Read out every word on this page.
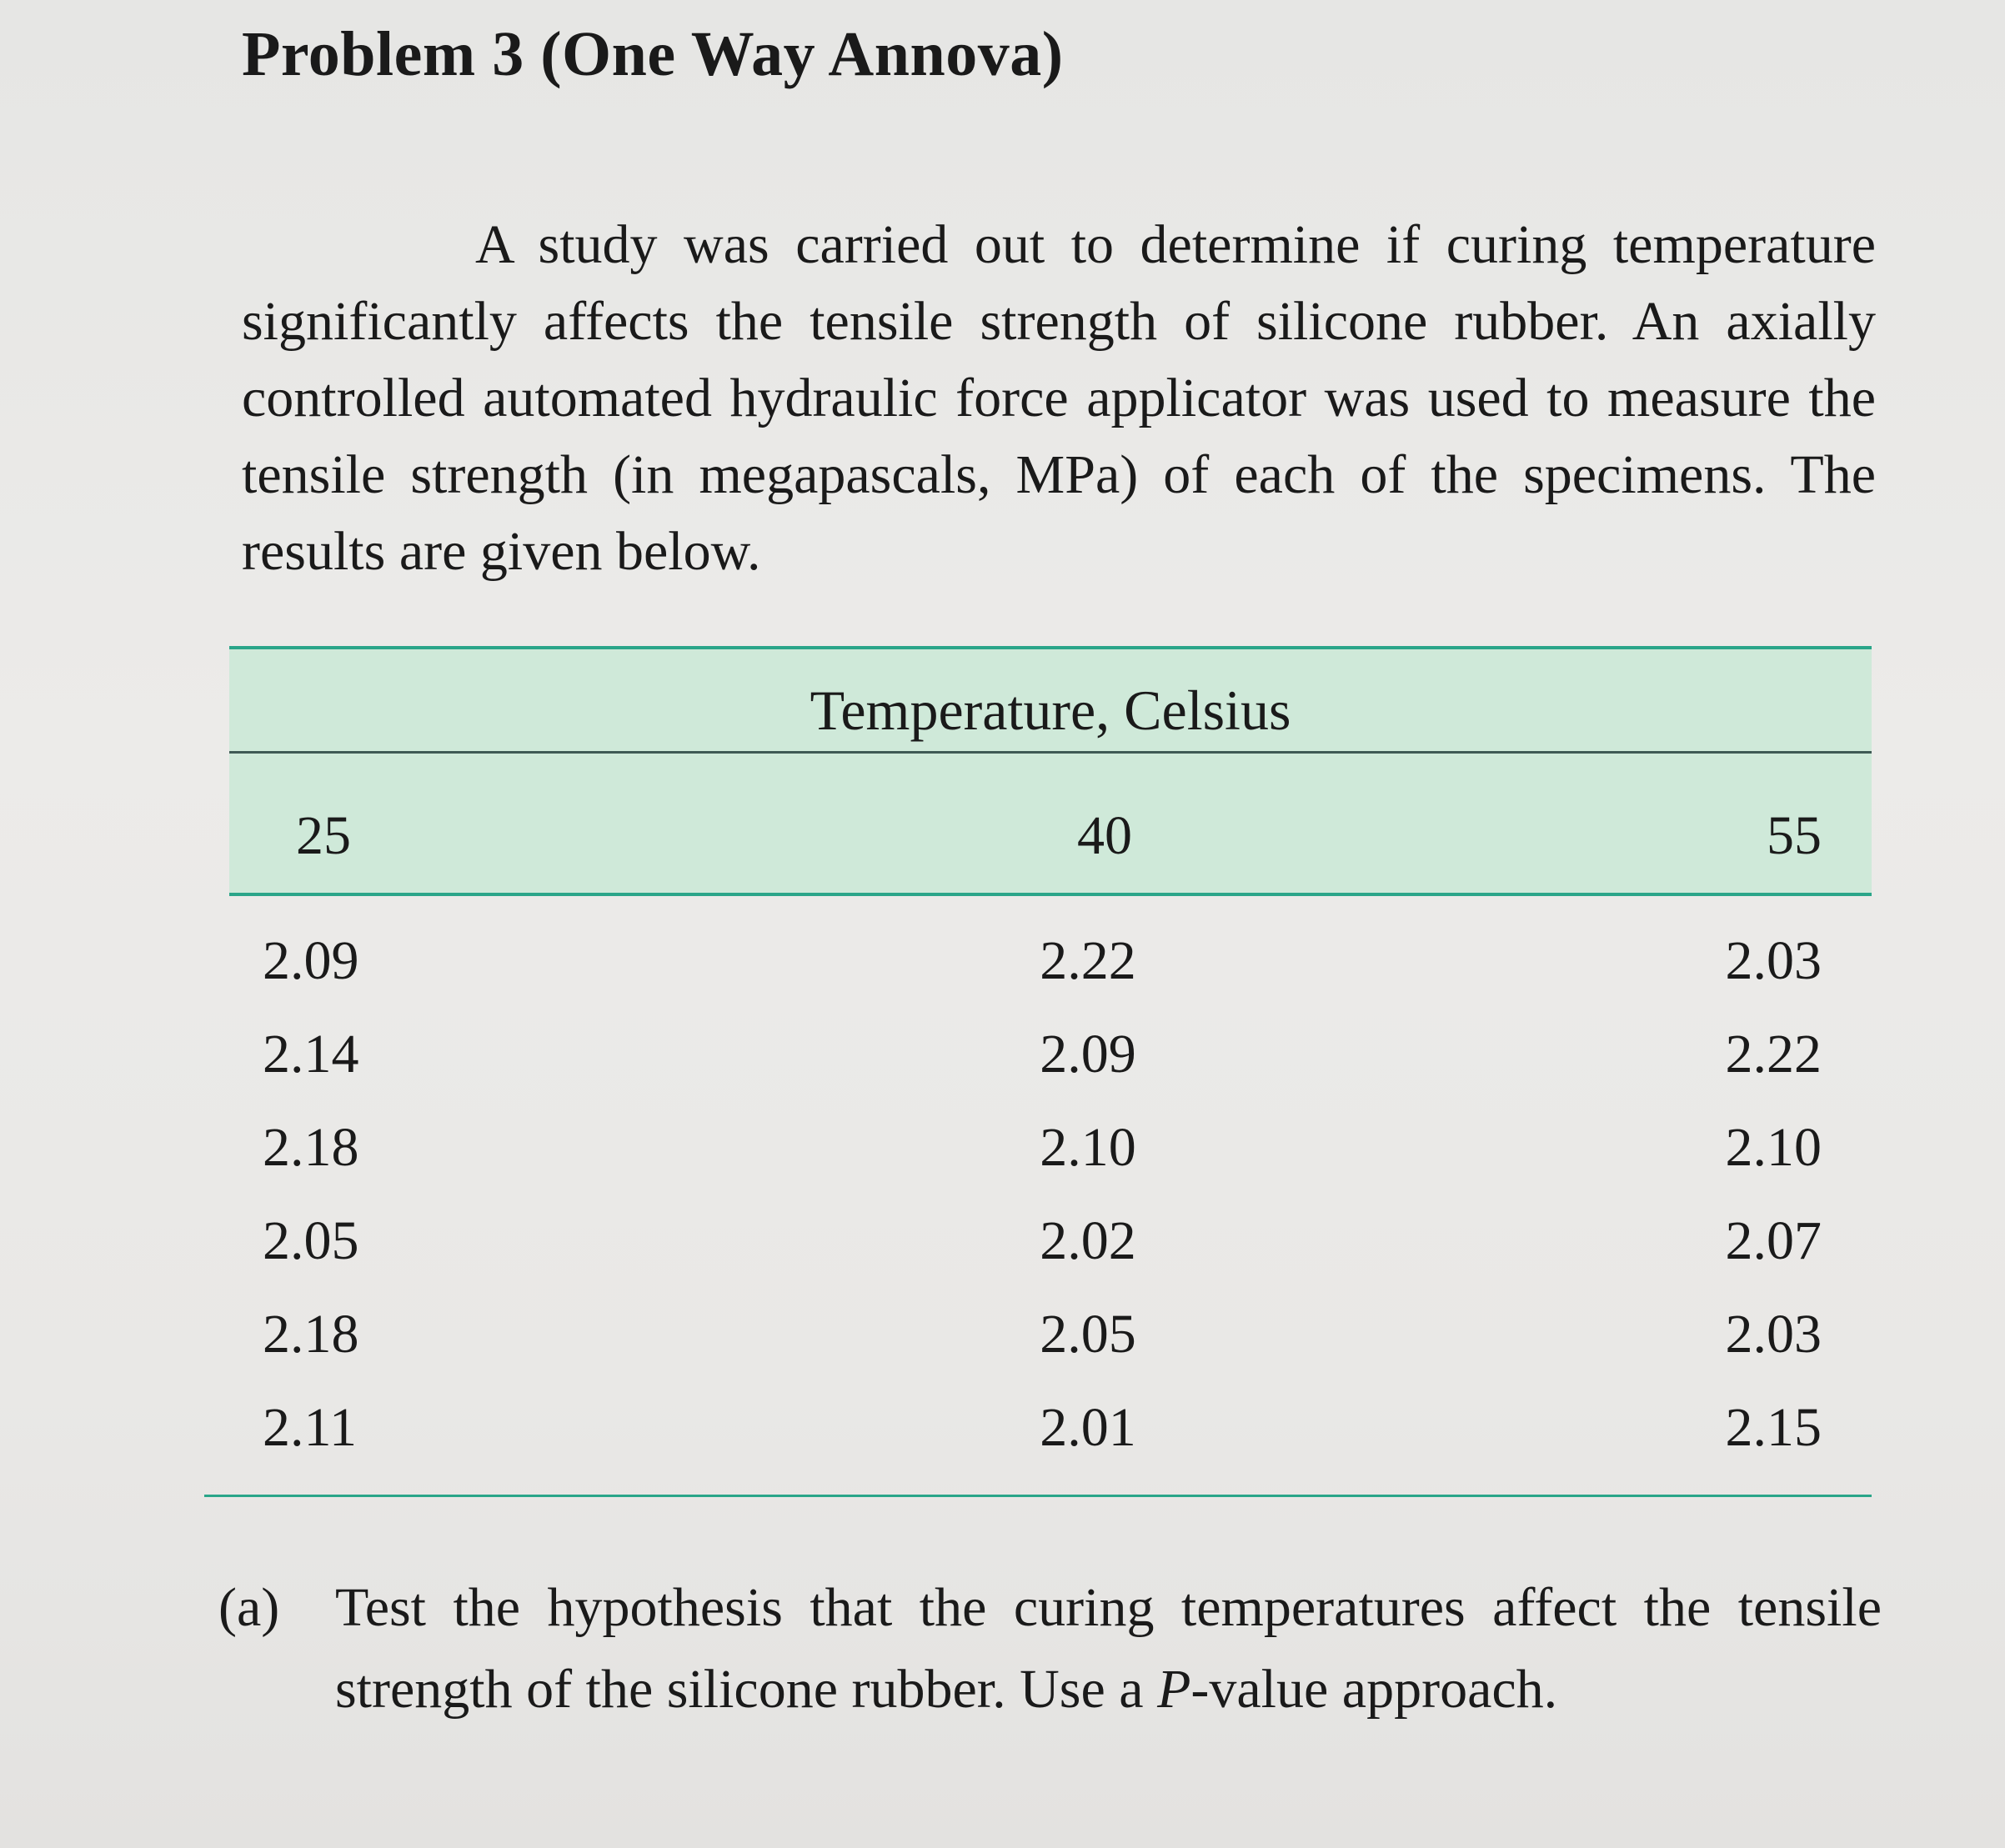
Problem 3 (One Way Annova)
A study was carried out to determine if curing temperature significantly affects the tensile strength of silicone rubber. An axially controlled automated hydraulic force applicator was used to measure the tensile strength (in megapascals, MPa) of each of the specimens. The results are given below.
Temperature, Celsius
25	40	55
2.09
2.14
2.18
2.05
2.18
2.11
2.22
2.09
2.10
2.02
2.05
2.01
2.03
2.22
2.10
2.07
2.03
2.15
(a) Test the hypothesis that the curing temperatures affect the tensile strength of the silicone rubber. Use a P-value approach.
